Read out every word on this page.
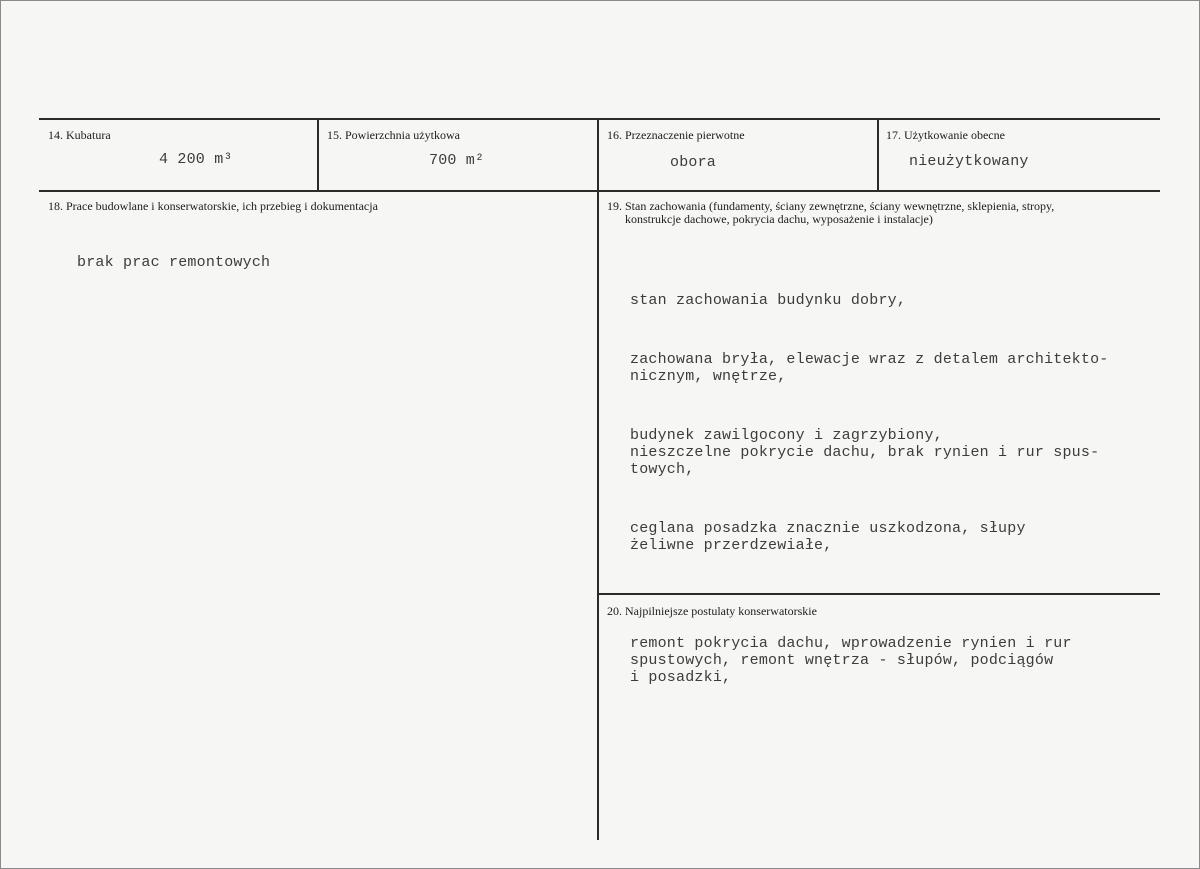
14. Kubatura
4 200 m³
15. Powierzchnia użytkowa
700 m²
16. Przeznaczenie pierwotne
obora
17. Użytkowanie obecne
nieużytkowany
18. Prace budowlane i konserwatorskie, ich przebieg i dokumentacja
brak prac remontowych
19. Stan zachowania (fundamenty, ściany zewnętrzne, ściany wewnętrzne, sklepienia, stropy,
konstrukcje dachowe, pokrycia dachu, wyposażenie i instalacje)

stan zachowania budynku dobry,

zachowana bryła, elewacje wraz z detalem architekto-
nicznym, wnętrze,

budynek zawilgocony i zagrzybiony,
nieszczelne pokrycie dachu, brak rynien i rur spus-
towych,

ceglana posadzka znacznie uszkodzona, słupy
żeliwne przerdzewiałe,

20. Najpilniejsze postulaty konserwatorskie
remont pokrycia dachu, wprowadzenie rynien i rur
spustowych, remont wnętrza - słupów, podciągów
i posadzki,
